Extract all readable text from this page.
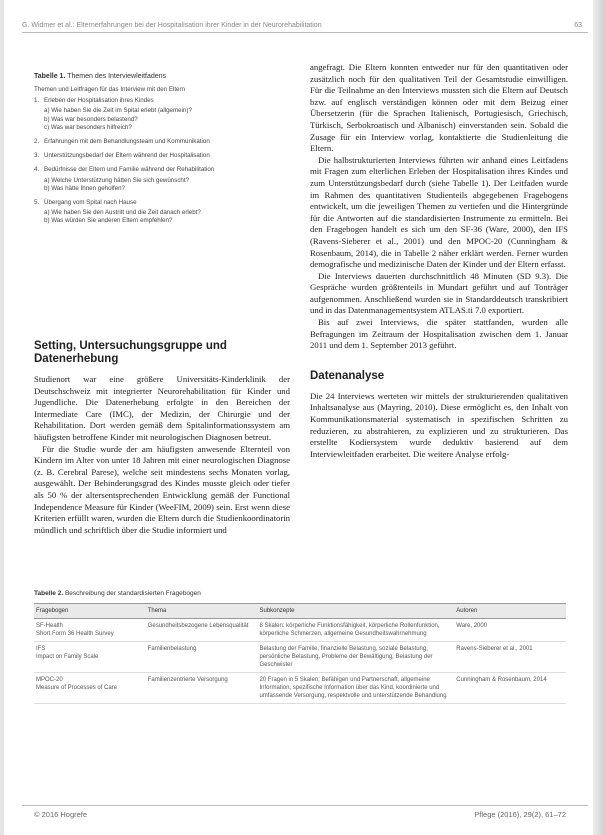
G. Widmer et al.: Elternerfahrungen bei der Hospitalisation ihrer Kinder in der Neurorehabilitation	63
Tabelle 1. Themen des Interviewleitfadens
Themen und Leitfragen für das Interview mit den Eltern
1. Erleben der Hospitalisation ihres Kindes
a) Wie haben Sie die Zeit im Spital erlebt (allgemein)?
b) Was war besonders belastend?
c) Was war besonders hilfreich?
2. Erfahrungen mit dem Behandlungsteam und Kommunikation
3. Unterstützungsbedarf der Eltern während der Hospitalisation
4. Bedürfnisse der Eltern und Familie während der Rehabilitation
a) Welche Unterstützung hätten Sie sich gewünscht?
b) Was hätte Ihnen geholfen?
5. Übergang vom Spital nach Hause
a) Wie haben Sie den Austritt und die Zeit danach erlebt?
b) Was würden Sie anderen Eltern empfehlen?
Setting, Untersuchungsgruppe und Datenerhebung

Studienort war eine größere Universitäts-Kinderklinik der Deutschschweiz mit integrierter Neurorehabilitation für Kinder und Jugendliche. Die Datenerhebung erfolgte in den Bereichen der Intermediate Care (IMC), der Medizin, der Chirurgie und der Rehabilitation. Dort werden gemäß dem Spitalinformationssystem am häufigsten betroffene Kinder mit neurologischen Diagnosen betreut.

Für die Studie wurde der am häufigsten anwesende Elternteil von Kindern im Alter von unter 18 Jahren mit einer neurologischen Diagnose (z. B. Cerebral Parese), welche seit mindestens sechs Monaten vorlag, ausgewählt. Der Behinderungsgrad des Kindes musste gleich oder tiefer als 50 % der altersentsprechenden Entwicklung gemäß der Functional Independence Measure für Kinder (WeeFIM, 2009) sein. Erst wenn diese Kriterien erfüllt waren, wurden die Eltern durch die Studienkoordinatorin mündlich und schriftlich über die Studie informiert und

angefragt. Die Eltern konnten entweder nur für den quantitativen oder zusätzlich noch für den qualitativen Teil der Gesamtstudie einwilligen. Für die Teilnahme an den Interviews mussten sich die Eltern auf Deutsch bzw. auf englisch verständigen können oder mit dem Beizug einer Übersetzerin (für die Sprachen Italienisch, Portugiesisch, Griechisch, Türkisch, Serbokroatisch und Albanisch) einverstanden sein. Sobald die Zusage für ein Interview vorlag, kontaktierte die Studienleitung die Eltern.

Die halbstrukturierten Interviews führten wir anhand eines Leitfadens mit Fragen zum elterlichen Erleben der Hospitalisation ihres Kindes und zum Unterstützungsbedarf durch (siehe Tabelle 1). Der Leitfaden wurde im Rahmen des quantitativen Studienteils abgegebenen Fragebogens entwickelt, um die jeweiligen Themen zu vertiefen und die Hintergründe für die Antworten auf die standardisierten Instrumente zu ermitteln. Bei den Fragebogen handelt es sich um den SF-36 (Ware, 2000), den IFS (Ravens-Sieberer et al., 2001) und den MPOC-20 (Cunningham & Rosenbaum, 2014), die in Tabelle 2 näher erklärt werden. Ferner wurden demografische und medizinische Daten der Kinder und der Eltern erfasst.

Die Interviews dauerten durchschnittlich 48 Minuten (SD 9.3). Die Gespräche wurden größtenteils in Mundart geführt und auf Tonträger aufgenommen. Anschließend wurden sie in Standarddeutsch transkribiert und in das Datenmanagementsystem ATLAS.ti 7.0 exportiert.

Bis auf zwei Interviews, die später stattfanden, wurden alle Befragungen im Zeitraum der Hospitalisation zwischen dem 1. Januar 2011 und dem 1. September 2013 geführt.

Datenanalyse

Die 24 Interviews werteten wir mittels der strukturierenden qualitativen Inhaltsanalyse aus (Mayring, 2010). Diese ermöglicht es, den Inhalt von Kommunikationsmaterial systematisch in spezifischen Schritten zu reduzieren, zu abstrahieren, zu explizieren und zu strukturieren. Das erstellte Kodiersystem wurde deduktiv basierend auf dem Interviewleitfaden erarbeitet. Die weitere Analyse erfolg-

Tabelle 2. Beschreibung der standardisierten Fragebogen
Fragebogen	Thema	Subkonzepte	Autoren
SF-Health
Short Form 36 Health Survey	Gesundheitsbezogene Lebensqualität	8 Skalen: körperliche Funktionsfähigkeit, körperliche Rollenfunktion, körperliche Schmerzen, allgemeine Gesundheitswahrnehmung	Ware, 2000
IFS
Impact on Family Scale	Familienbelastung	Belastung der Familie, finanzielle Belastung, soziale Belastung, persönliche Belastung, Probleme der Bewältigung, Belastung der Geschwister	Ravens-Sieberer et al., 2001
MPOC-20
Measure of Processes of Care	Familienzentrierte Versorgung	20 Fragen in 5 Skalen: Befähigen und Partnerschaft, allgemeine Information, spezifische Information über das Kind, koordinierte und umfassende Versorgung, respektvolle und unterstützende Behandlung	Cunningham & Rosenbaum, 2014
© 2016 Hogrefe	Pflege (2016), 29(2), 61–72
